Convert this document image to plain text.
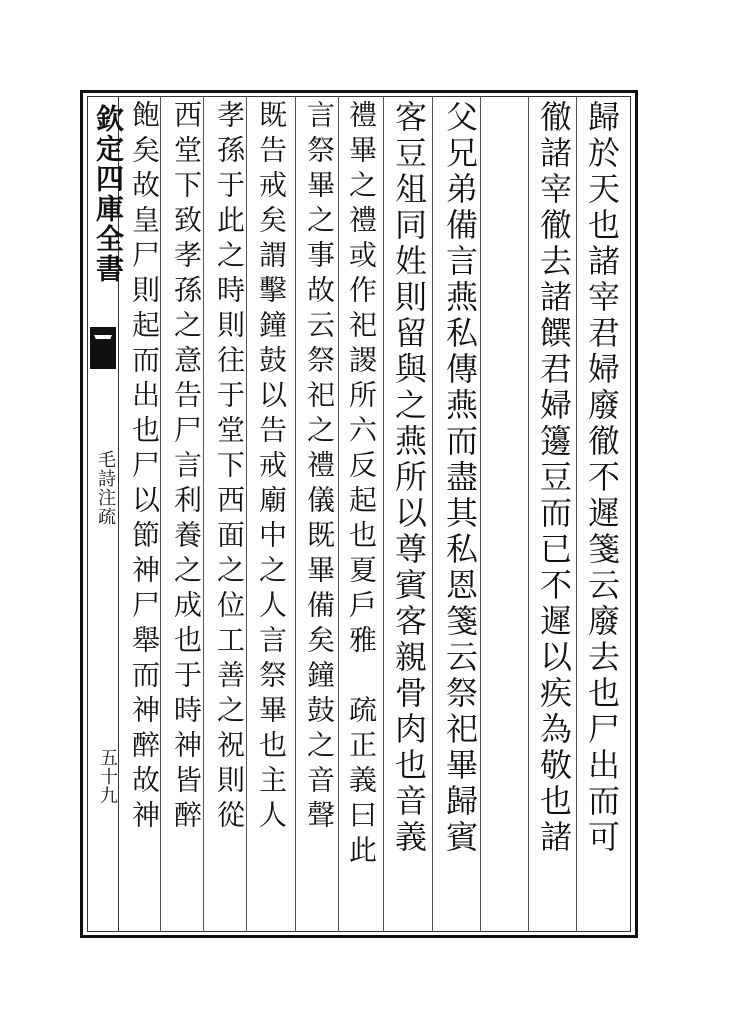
欽定四庫全書
毛詩注疏
五十九	歸於天也諸宰君婦廢徹不遲箋云廢去也尸出而可
徹諸宰徹去諸饌君婦籩豆而已不遲以疾為敬也諸
父兄弟備言燕私傳燕而盡其私恩箋云祭祀畢歸賓
客豆俎同姓則留與之燕所以尊賓客親骨肉也音義
禮畢之禮或作祀謖所六反起也夏戶雅　疏正義曰此
言祭畢之事故云祭祀之禮儀既畢備矣鐘鼓之音聲
既告戒矣謂擊鐘鼓以告戒廟中之人言祭畢也主人
孝孫于此之時則往于堂下西面之位工善之祝則從
西堂下致孝孫之意告尸言利養之成也于時神皆醉
飽矣故皇尸則起而出也尸以節神尸舉而神醉故神
